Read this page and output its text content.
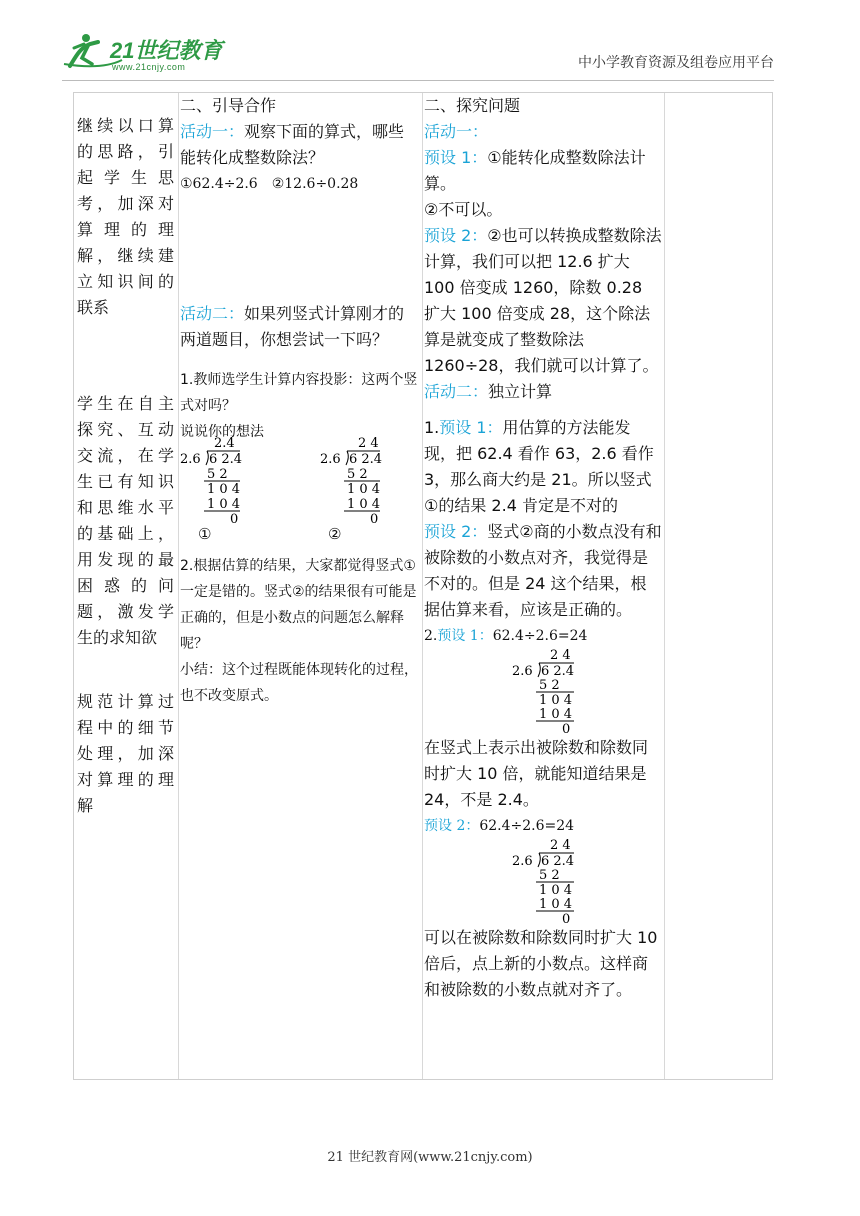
21世纪教育
www.21cnjy.com	中小学教育资源及组卷应用平台

继续以口算

的思路，引

起学生思

考，加深对

算理的理

解，继续建

立知识间的

联系

学生在自主

探究、互动

交流，在学

生已有知识

和思维水平

的基础上，

用发现的最

困惑的问

题，激发学

生的求知欲

规范计算过

程中的细节

处理，加深

对算理的理

解

二、引导合作

活动一：观察下面的算式，哪些能转化成整数除法？

①62.4÷2.6　②12.6÷0.28

活动二：如果列竖式计算刚才的两道题目，你想尝试一下吗？

1.教师选学生计算内容投影：这两个竖式对吗？

说说你的想法

2.4
2.6 6 2.4
5 2
1 0 4
1 0 4
0
2 4
2.6 6 2.4
5 2
1 0 4
1 0 4
0
①	②

2.根据估算的结果，大家都觉得竖式①一定是错的。竖式②的结果很有可能是正确的，但是小数点的问题怎么解释呢？

小结：这个过程既能体现转化的过程，也不改变原式。

二、探究问题

活动一：

预设 1：①能转化成整数除法计算。

②不可以。

预设 2：②也可以转换成整数除法计算，我们可以把 12.6 扩大 100 倍变成 1260，除数 0.28 扩大 100 倍变成 28，这个除法算是就变成了整数除法 1260÷28，我们就可以计算了。

活动二：独立计算

1.预设 1：用估算的方法能发现，把 62.4 看作 63，2.6 看作 3，那么商大约是 21。所以竖式①的结果 2.4 肯定是不对的

预设 2：竖式②商的小数点没有和被除数的小数点对齐，我觉得是不对的。但是 24 这个结果，根据估算来看，应该是正确的。

2.预设 1：62.4÷2.6=24

2 4
2.6 6 2.4
5 2
1 0 4
1 0 4
0

在竖式上表示出被除数和除数同时扩大 10 倍，就能知道结果是 24，不是 2.4。

预设 2：62.4÷2.6=24

2 4
2.6 6 2.4
5 2
1 0 4
1 0 4
0

可以在被除数和除数同时扩大 10 倍后，点上新的小数点。这样商和被除数的小数点就对齐了。

21 世纪教育网(www.21cnjy.com)
